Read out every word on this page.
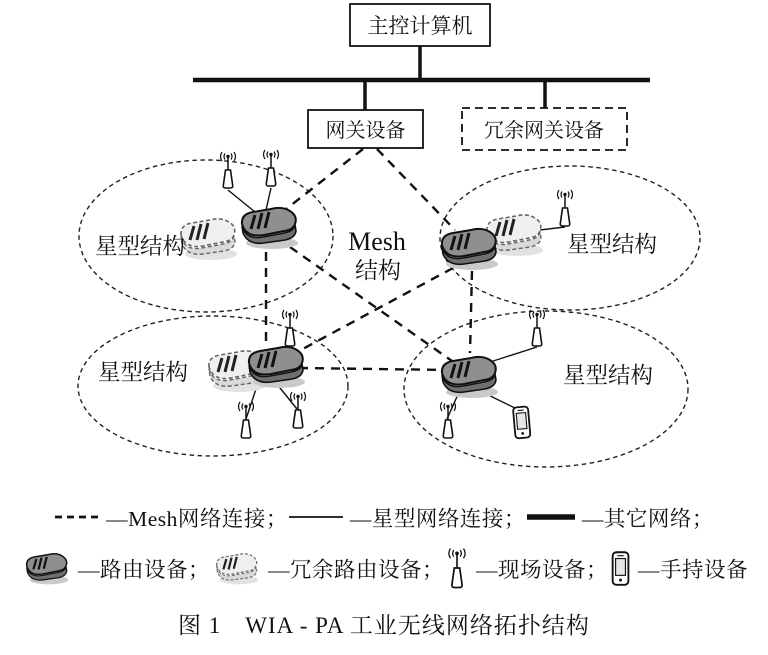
主控计算机
网关设备	冗余网关设备
星型结构	星型结构
星型结构	星型结构
Mesh
结构
—Mesh网络连接；	—星型网络连接；	—其它网络；
—路由设备；	—冗余路由设备； —现场设备； —手持设备
图 1　WIA - PA 工业无线网络拓扑结构
